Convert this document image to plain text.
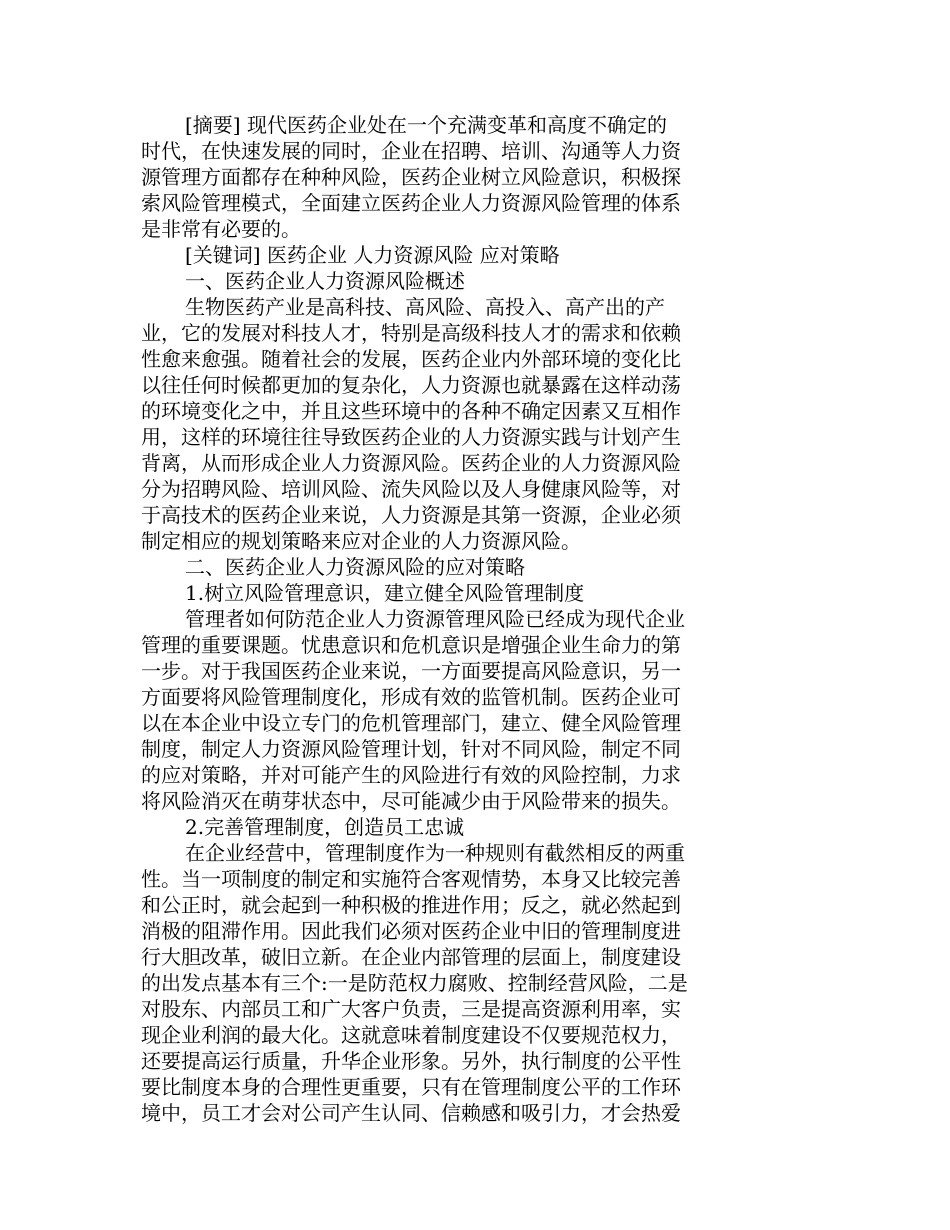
[摘要] 现代医药企业处在一个充满变革和高度不确定的
时代，在快速发展的同时，企业在招聘、培训、沟通等人力资
源管理方面都存在种种风险，医药企业树立风险意识，积极探
索风险管理模式，全面建立医药企业人力资源风险管理的体系
是非常有必要的。
[关键词] 医药企业 人力资源风险 应对策略
一、医药企业人力资源风险概述
生物医药产业是高科技、高风险、高投入、高产出的产
业，它的发展对科技人才，特别是高级科技人才的需求和依赖
性愈来愈强。随着社会的发展，医药企业内外部环境的变化比
以往任何时候都更加的复杂化，人力资源也就暴露在这样动荡
的环境变化之中，并且这些环境中的各种不确定因素又互相作
用，这样的环境往往导致医药企业的人力资源实践与计划产生
背离，从而形成企业人力资源风险。医药企业的人力资源风险
分为招聘风险、培训风险、流失风险以及人身健康风险等，对
于高技术的医药企业来说，人力资源是其第一资源，企业必须
制定相应的规划策略来应对企业的人力资源风险。
二、医药企业人力资源风险的应对策略
1.树立风险管理意识，建立健全风险管理制度
管理者如何防范企业人力资源管理风险已经成为现代企业
管理的重要课题。忧患意识和危机意识是增强企业生命力的第
一步。对于我国医药企业来说，一方面要提高风险意识，另一
方面要将风险管理制度化，形成有效的监管机制。医药企业可
以在本企业中设立专门的危机管理部门，建立、健全风险管理
制度，制定人力资源风险管理计划，针对不同风险，制定不同
的应对策略，并对可能产生的风险进行有效的风险控制，力求
将风险消灭在萌芽状态中，尽可能减少由于风险带来的损失。
2.完善管理制度，创造员工忠诚
在企业经营中，管理制度作为一种规则有截然相反的两重
性。当一项制度的制定和实施符合客观情势，本身又比较完善
和公正时，就会起到一种积极的推进作用；反之，就必然起到
消极的阻滞作用。因此我们必须对医药企业中旧的管理制度进
行大胆改革，破旧立新。在企业内部管理的层面上，制度建设
的出发点基本有三个:一是防范权力腐败、控制经营风险，二是
对股东、内部员工和广大客户负责，三是提高资源利用率，实
现企业利润的最大化。这就意味着制度建设不仅要规范权力，
还要提高运行质量，升华企业形象。另外，执行制度的公平性
要比制度本身的合理性更重要，只有在管理制度公平的工作环
境中，员工才会对公司产生认同、信赖感和吸引力，才会热爱
